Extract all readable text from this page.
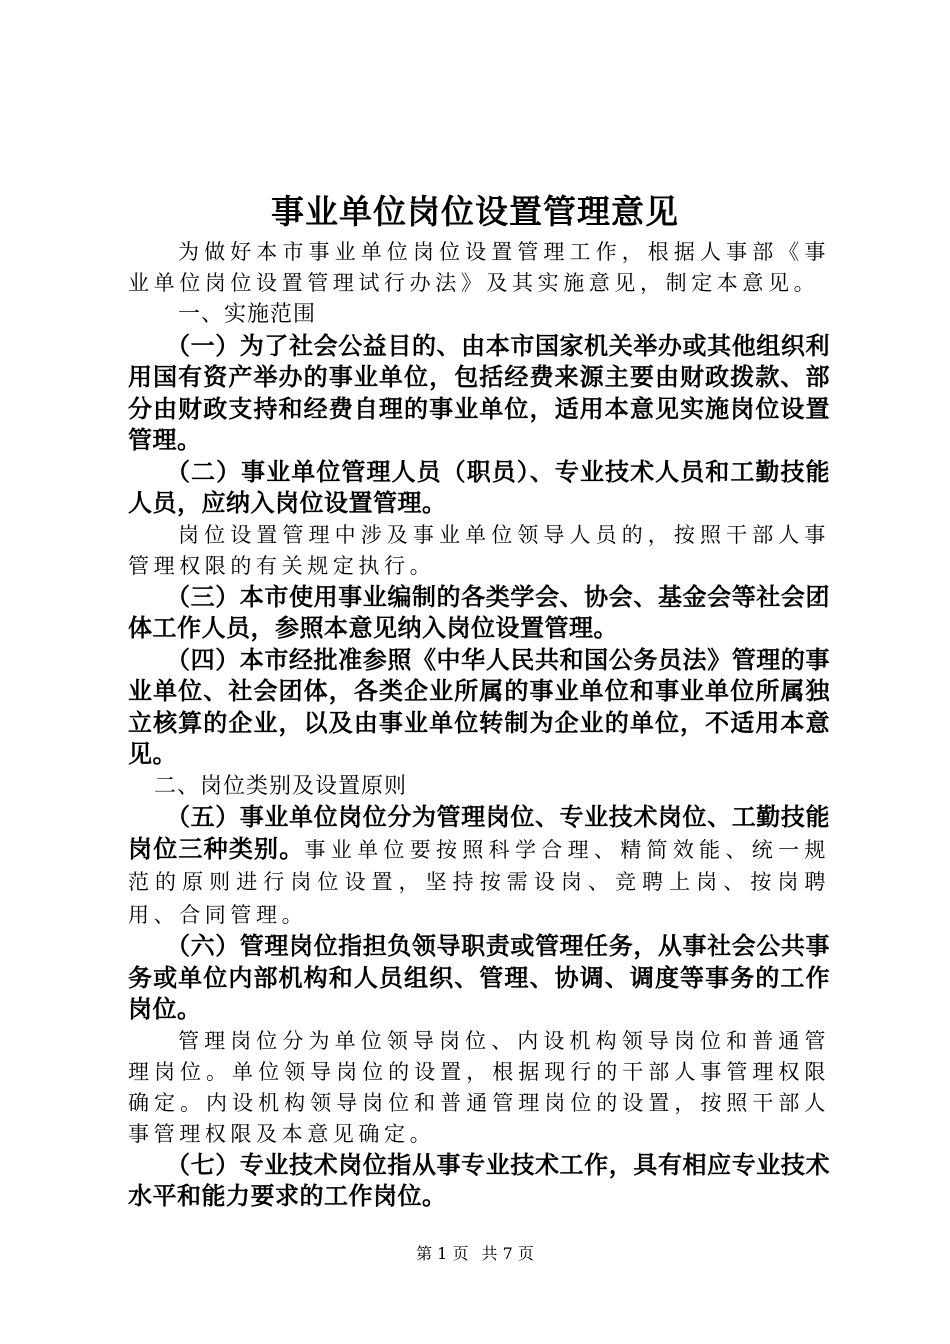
事业单位岗位设置管理意见

为做好本市事业单位岗位设置管理工作，根据人事部《事业单位岗位设置管理试行办法》及其实施意见，制定本意见。

一、实施范围

（一）为了社会公益目的、由本市国家机关举办或其他组织利用国有资产举办的事业单位，包括经费来源主要由财政拨款、部分由财政支持和经费自理的事业单位，适用本意见实施岗位设置管理。

（二）事业单位管理人员（职员）、专业技术人员和工勤技能人员，应纳入岗位设置管理。

岗位设置管理中涉及事业单位领导人员的，按照干部人事管理权限的有关规定执行。

（三）本市使用事业编制的各类学会、协会、基金会等社会团体工作人员，参照本意见纳入岗位设置管理。

（四）本市经批准参照《中华人民共和国公务员法》管理的事业单位、社会团体，各类企业所属的事业单位和事业单位所属独立核算的企业，以及由事业单位转制为企业的单位，不适用本意见。

二、岗位类别及设置原则

（五）事业单位岗位分为管理岗位、专业技术岗位、工勤技能岗位三种类别。事业单位要按照科学合理、精简效能、统一规范的原则进行岗位设置，坚持按需设岗、竞聘上岗、按岗聘用、合同管理。

（六）管理岗位指担负领导职责或管理任务，从事社会公共事务或单位内部机构和人员组织、管理、协调、调度等事务的工作岗位。

管理岗位分为单位领导岗位、内设机构领导岗位和普通管理岗位。单位领导岗位的设置，根据现行的干部人事管理权限确定。内设机构领导岗位和普通管理岗位的设置，按照干部人事管理权限及本意见确定。

（七）专业技术岗位指从事专业技术工作，具有相应专业技术水平和能力要求的工作岗位。

第 1 页 共 7 页
